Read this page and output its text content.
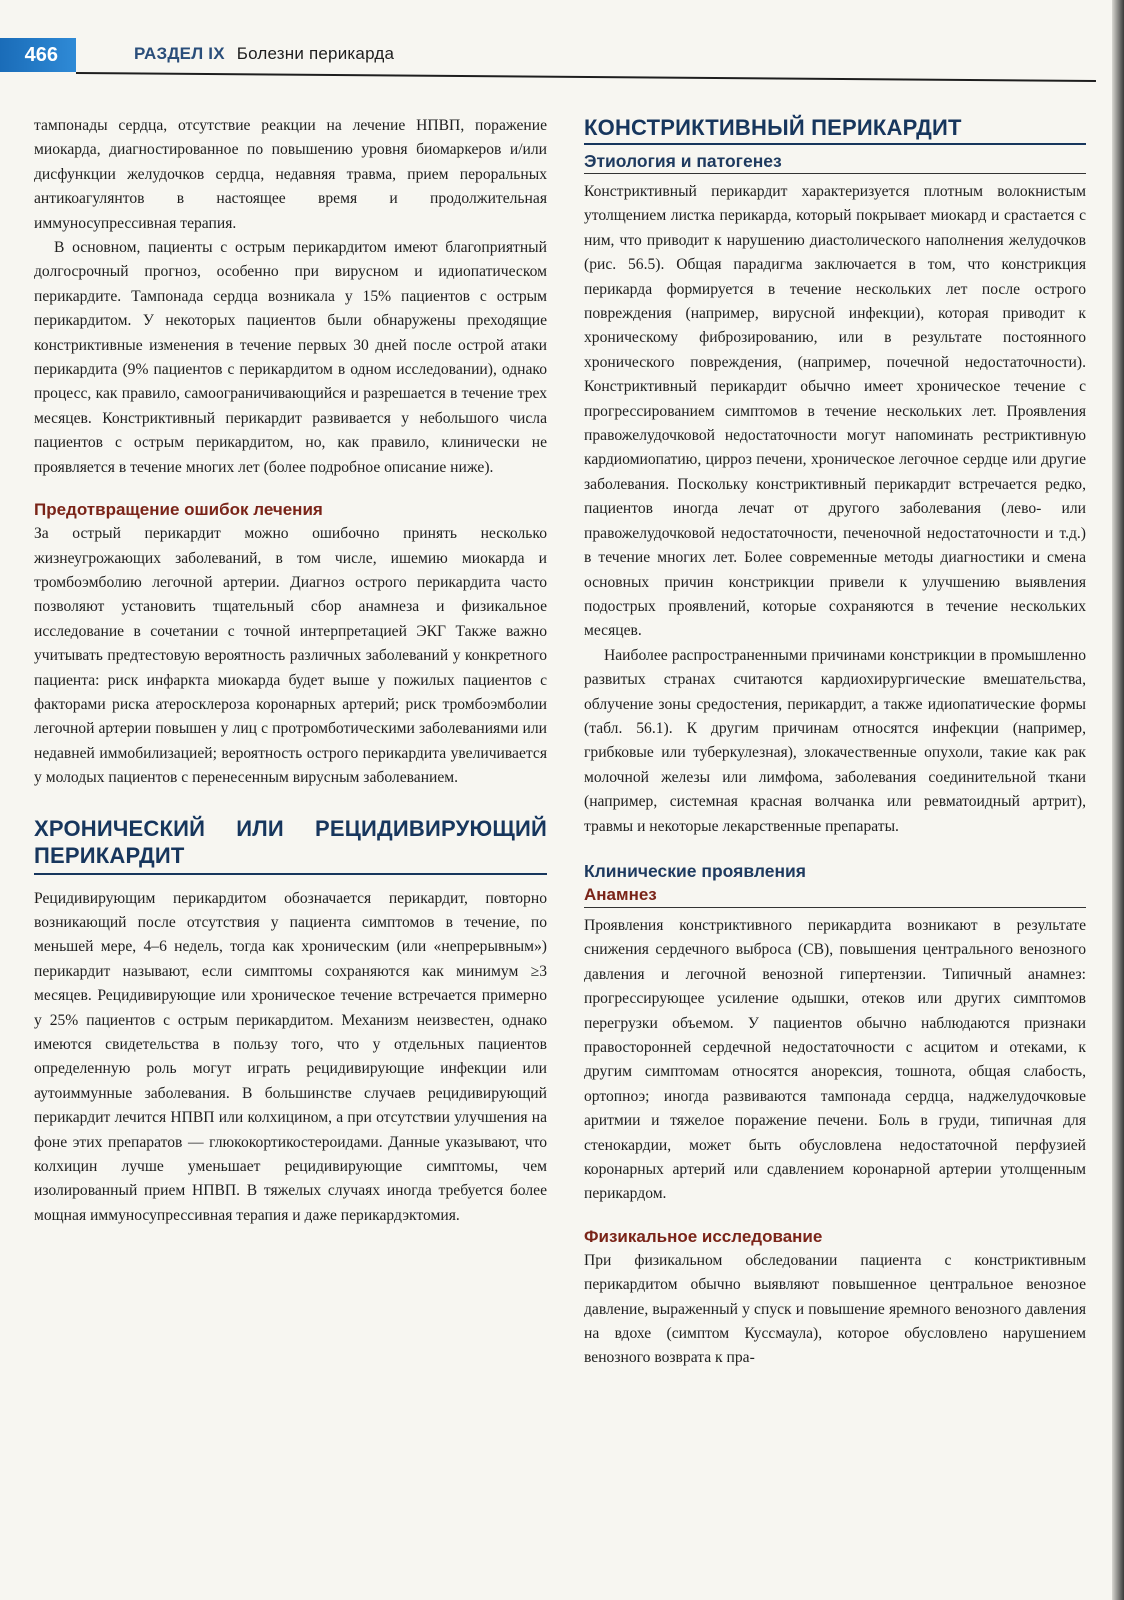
466	РАЗДЕЛ IX Болезни перикарда

тампонады сердца, отсутствие реакции на лечение НПВП, поражение миокарда, диагностированное по повышению уровня биомаркеров и/или дисфункции желудочков сердца, недавняя травма, прием пероральных антикоагулянтов в настоящее время и продолжительная иммуносупрессивная терапия.

В основном, пациенты с острым перикардитом имеют благоприятный долгосрочный прогноз, особенно при вирусном и идиопатическом перикардите. Тампонада сердца возникала у 15% пациентов с острым перикардитом. У некоторых пациентов были обнаружены преходящие констриктивные изменения в течение первых 30 дней после острой атаки перикардита (9% пациентов с перикардитом в одном исследовании), однако процесс, как правило, самоограничивающийся и разрешается в течение трех месяцев. Констриктивный перикардит развивается у небольшого числа пациентов с острым перикардитом, но, как правило, клинически не проявляется в течение многих лет (более подробное описание ниже).

Предотвращение ошибок лечения

За острый перикардит можно ошибочно принять несколько жизнеугрожающих заболеваний, в том числе, ишемию миокарда и тромбоэмболию легочной артерии. Диагноз острого перикардита часто позволяют установить тщательный сбор анамнеза и физикальное исследование в сочетании с точной интерпретацией ЭКГ Также важно учитывать предтестовую вероятность различных заболеваний у конкретного пациента: риск инфаркта миокарда будет выше у пожилых пациентов с факторами риска атеросклероза коронарных артерий; риск тромбоэмболии легочной артерии повышен у лиц с протромботическими заболеваниями или недавней иммобилизацией; вероятность острого перикардита увеличивается у молодых пациентов с перенесенным вирусным заболеванием.

ХРОНИЧЕСКИЙ ИЛИ РЕЦИДИВИРУЮЩИЙ ПЕРИКАРДИТ

Рецидивирующим перикардитом обозначается перикардит, повторно возникающий после отсутствия у пациента симптомов в течение, по меньшей мере, 4–6 недель, тогда как хроническим (или «непрерывным») перикардит называют, если симптомы сохраняются как минимум ≥3 месяцев. Рецидивирующие или хроническое течение встречается примерно у 25% пациентов с острым перикардитом. Механизм неизвестен, однако имеются свидетельства в пользу того, что у отдельных пациентов определенную роль могут играть рецидивирующие инфекции или аутоиммунные заболевания. В большинстве случаев рецидивирующий перикардит лечится НПВП или колхицином, а при отсутствии улучшения на фоне этих препаратов — глюкокортикостероидами. Данные указывают, что колхицин лучше уменьшает рецидивирующие симптомы, чем изолированный прием НПВП. В тяжелых случаях иногда требуется более мощная иммуносупрессивная терапия и даже перикардэктомия.

КОНСТРИКТИВНЫЙ ПЕРИКАРДИТ
Этиология и патогенез

Констриктивный перикардит характеризуется плотным волокнистым утолщением листка перикарда, который покрывает миокард и срастается с ним, что приводит к нарушению диастолического наполнения желудочков (рис. 56.5). Общая парадигма заключается в том, что констрикция перикарда формируется в течение нескольких лет после острого повреждения (например, вирусной инфекции), которая приводит к хроническому фиброзированию, или в результате постоянного хронического повреждения, (например, почечной недостаточности). Констриктивный перикардит обычно имеет хроническое течение с прогрессированием симптомов в течение нескольких лет. Проявления правожелудочковой недостаточности могут напоминать рестриктивную кардиомиопатию, цирроз печени, хроническое легочное сердце или другие заболевания. Поскольку констриктивный перикардит встречается редко, пациентов иногда лечат от другого заболевания (лево- или правожелудочковой недостаточности, печеночной недостаточности и т.д.) в течение многих лет. Более современные методы диагностики и смена основных причин констрикции привели к улучшению выявления подострых проявлений, которые сохраняются в течение нескольких месяцев.

Наиболее распространенными причинами констрикции в промышленно развитых странах считаются кардиохирургические вмешательства, облучение зоны средостения, перикардит, а также идиопатические формы (табл. 56.1). К другим причинам относятся инфекции (например, грибковые или туберкулезная), злокачественные опухоли, такие как рак молочной железы или лимфома, заболевания соединительной ткани (например, системная красная волчанка или ревматоидный артрит), травмы и некоторые лекарственные препараты.

Клинические проявления
Анамнез

Проявления констриктивного перикардита возникают в результате снижения сердечного выброса (СВ), повышения центрального венозного давления и легочной венозной гипертензии. Типичный анамнез: прогрессирующее усиление одышки, отеков или других симптомов перегрузки объемом. У пациентов обычно наблюдаются признаки правосторонней сердечной недостаточности с асцитом и отеками, к другим симптомам относятся анорексия, тошнота, общая слабость, ортопноэ; иногда развиваются тампонада сердца, наджелудочковые аритмии и тяжелое поражение печени. Боль в груди, типичная для стенокардии, может быть обусловлена недостаточной перфузией коронарных артерий или сдавлением коронарной артерии утолщенным перикардом.

Физикальное исследование

При физикальном обследовании пациента с констриктивным перикардитом обычно выявляют повышенное центральное венозное давление, выраженный у спуск и повышение яремного венозного давления на вдохе (симптом Куссмаула), которое обусловлено нарушением венозного возврата к пра-
